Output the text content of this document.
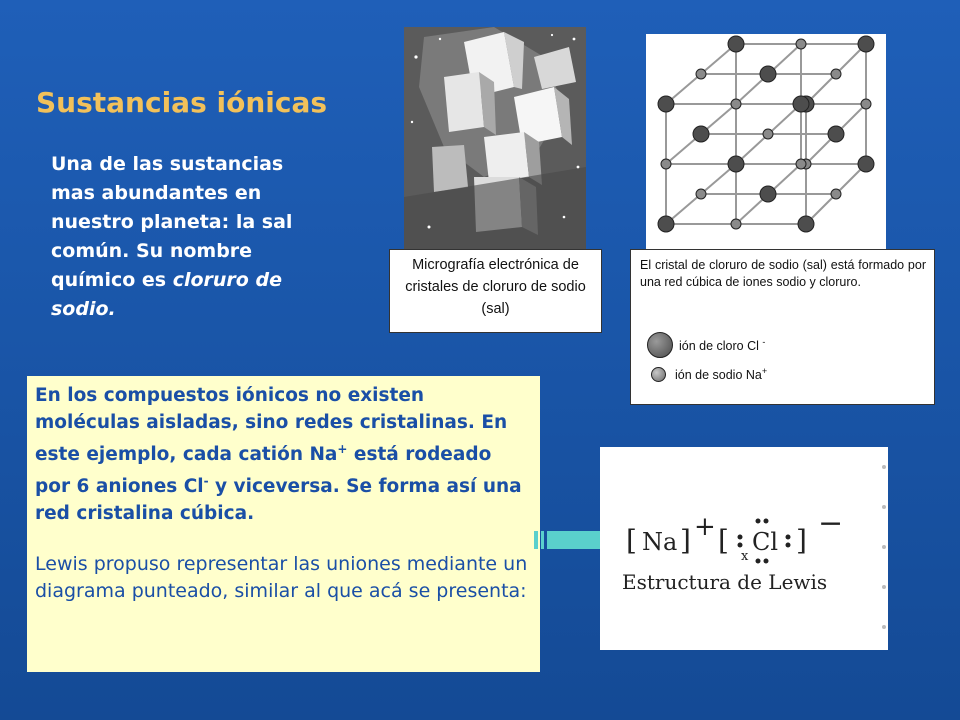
Sustancias iónicas
Una de las sustancias mas abundantes en nuestro planeta: la sal común. Su nombre químico es cloruro de sodio.
Micrografía electrónica de cristales de cloruro de sodio (sal)
El cristal de cloruro de sodio (sal) está formado por una red cúbica de iones sodio y cloruro.
ión de cloro Cl -
ión de sodio Na+
En los compuestos iónicos no existen moléculas aisladas, sino redes cristalinas. En este ejemplo, cada catión Na+ está rodeado por 6 aniones Cl- y viceversa. Se forma así una red cristalina cúbica.
Lewis propuso representar las uniones mediante un diagrama punteado, similar al que acá se presenta:
[ Na ] + [ x
Cl ] −
Estructura de Lewis
